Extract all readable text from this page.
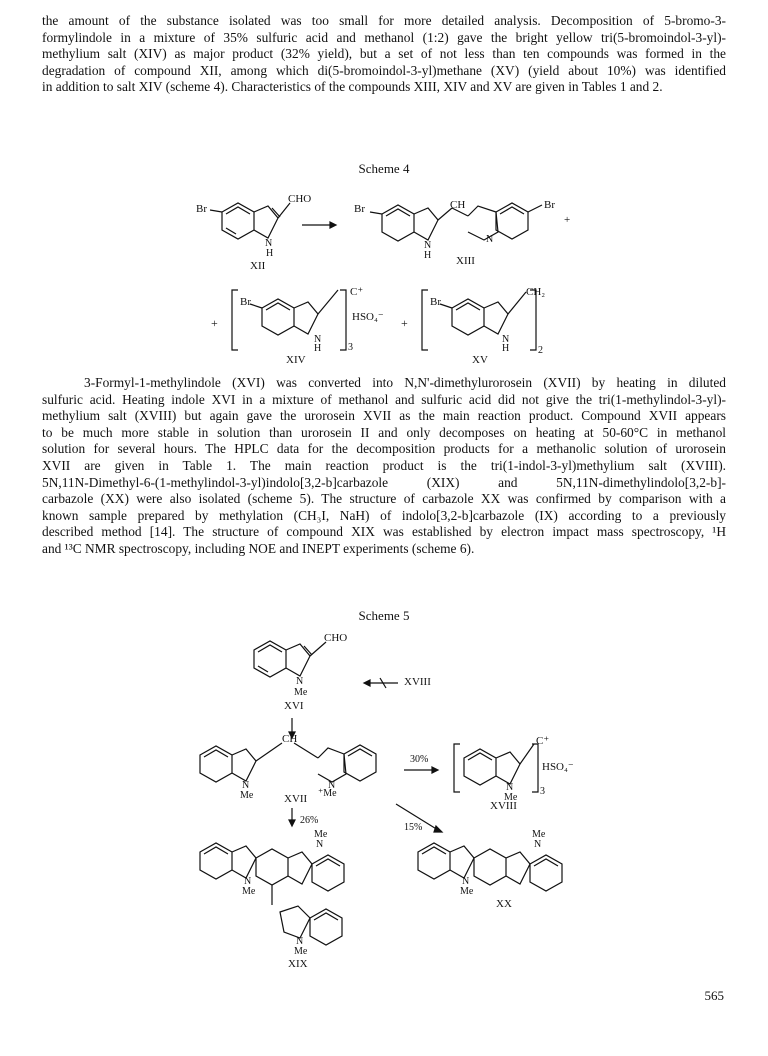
the amount of the substance isolated was too small for more detailed analysis. Decomposition of 5-bromo-3-
formylindole in a mixture of 35% sulfuric acid and methanol (1:2) gave the bright yellow tri(5-bromoindol-3-yl)-
methylium salt (XIV) as major product (32% yield), but a set of not less than ten compounds was formed in the
degradation of compound XII, among which di(5-bromoindol-3-yl)methane (XV) (yield about 10%) was identified
in addition to salt XIV (scheme 4). Characteristics of the compounds XIII, XIV and XV are given in Tables 1 and 2.
Scheme 4
Br
CHO
N
H
XII
Br	CH	Br
+
N
H
N
XIII
+
Br
C⁺
HSO₄⁻
N
H	3
XIV
+
Br
CH₂
N
H	2
XV
3-Formyl-1-methylindole (XVI) was converted into N,N'-dimethylurorosein (XVII) by heating in diluted
sulfuric acid. Heating indole XVI in a mixture of methanol and sulfuric acid did not give the tri(1-methylindol-3-yl)-
methylium salt (XVIII) but again gave the urorosein XVII as the main reaction product. Compound XVII appears
to be much more stable in solution than urorosein II and only decomposes on heating at 50-60°C in methanol
solution for several hours. The HPLC data for the decomposition products for a methanolic solution of urorosein
XVII are given in Table 1. The main reaction product is the tri(1-indol-3-yl)methylium salt (XVIII).
5N,11N-Dimethyl-6-(1-methylindol-3-yl)indolo[3,2-b]carbazole (XIX) and 5N,11N-dimethylindolo[3,2-b]-
carbazole (XX) were also isolated (scheme 5). The structure of carbazole XX was confirmed by comparison with a
known sample prepared by methylation (CH₃I, NaH) of indolo[3,2-b]carbazole (IX) according to a previously
described method [14]. The structure of compound XIX was established by electron impact mass spectroscopy, ¹H
and ¹³C NMR spectroscopy, including NOE and INEPT experiments (scheme 6).
Scheme 5
CHO
N
Me
XVI
XVIII
CH
N
Me
N
⁺Me
XVII
30%
C⁺
HSO₄⁻
N
Me
3
XVIII
26%
15%
Me
N
N
Me
N
Me
XIX
Me
N
N
Me
XX
565
